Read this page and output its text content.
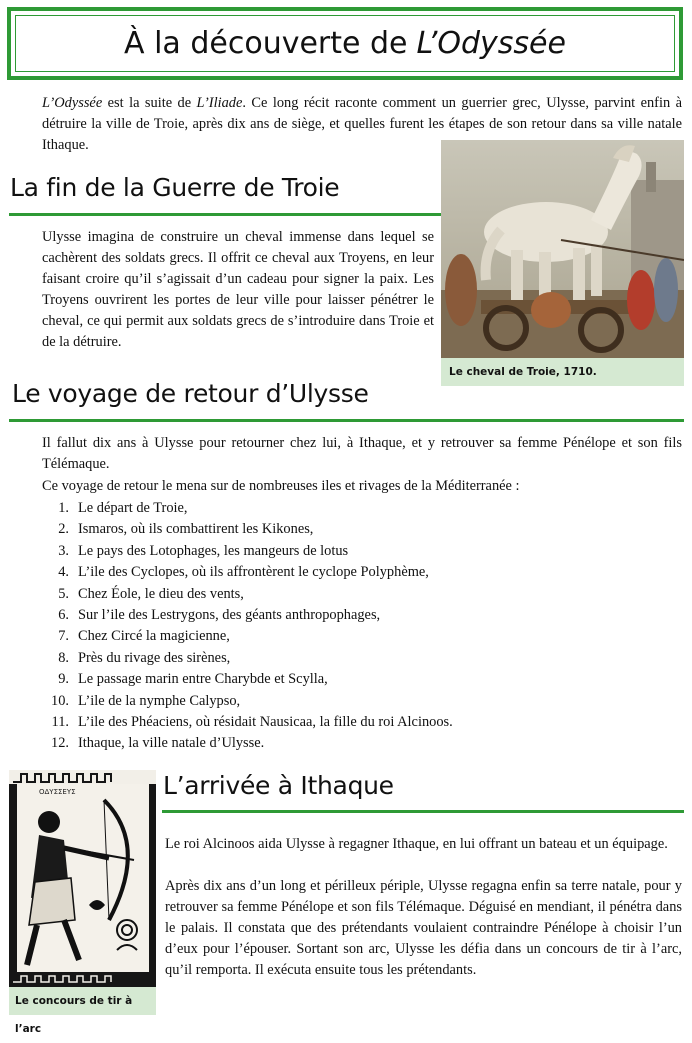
À la découverte de L’Odyssée
L’Odyssée est la suite de L’Iliade. Ce long récit raconte comment un guerrier grec, Ulysse, parvint enfin à détruire la ville de Troie, après dix ans de siège, et quelles furent les étapes de son retour dans sa ville natale Ithaque.
Le cheval de Troie, 1710.
La fin de la Guerre de Troie
Ulysse imagina de construire un cheval immense dans lequel se cachèrent des soldats grecs. Il offrit ce cheval aux Troyens, en leur faisant croire qu’il s’agissait d’un cadeau pour signer la paix. Les Troyens ouvrirent les portes de leur ville pour laisser pénétrer le cheval, ce qui permit aux soldats grecs de s’introduire dans Troie et de la détruire.
Le voyage de retour d’Ulysse
Il fallut dix ans à Ulysse pour retourner chez lui, à Ithaque, et y retrouver sa femme Pénélope et son fils Télémaque.
Ce voyage de retour le mena sur de nombreuses iles et rivages de la Méditerranée :
1. Le départ de Troie,
2. Ismaros, où ils combattirent les Kikones,
3. Le pays des Lotophages, les mangeurs de lotus
4. L’ile des Cyclopes, où ils affrontèrent le cyclope Polyphème,
5. Chez Éole, le dieu des vents,
6. Sur l’ile des Lestrygons, des géants anthropophages,
7. Chez Circé la magicienne,
8. Près du rivage des sirènes,
9. Le passage marin entre Charybde et Scylla,
10. L’ile de la nymphe Calypso,
11. L’ile des Phéaciens, où résidait Nausicaa, la fille du roi Alcinoos.
12. Ithaque, la ville natale d’Ulysse.
ΟΔΥΣΣΕΥΣ
Le concours de tir à l’arc
L’arrivée à Ithaque
Le roi Alcinoos aida Ulysse à regagner Ithaque, en lui offrant un bateau et un équipage.
Après dix ans d’un long et périlleux périple, Ulysse regagna enfin sa terre natale, pour y retrouver sa femme Pénélope et son fils Télémaque. Déguisé en mendiant, il pénétra dans le palais. Il constata que des prétendants voulaient contraindre Pénélope à choisir l’un d’eux pour l’épouser. Sortant son arc, Ulysse les défia dans un concours de tir à l’arc, qu’il remporta. Il exécuta ensuite tous les prétendants.
